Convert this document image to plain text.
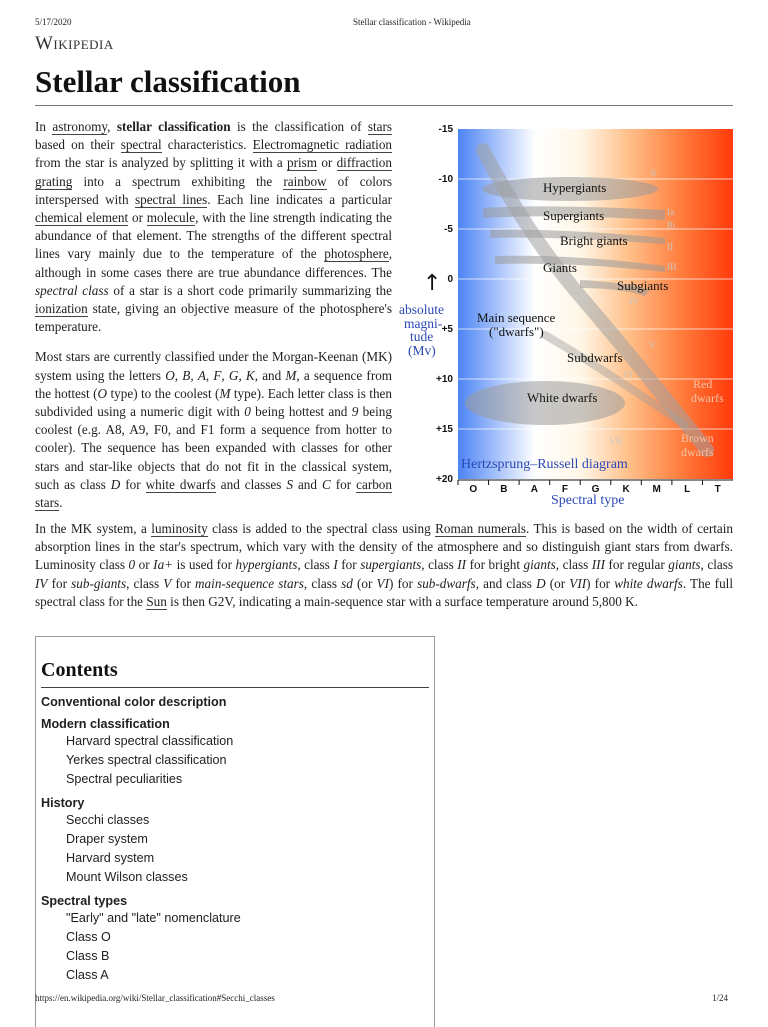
5/17/2020	Stellar classification - Wikipedia
Wikipedia
Stellar classification

In astronomy, stellar classification is the classification of stars based on their spectral characteristics. Electromagnetic radiation from the star is analyzed by splitting it with a prism or diffraction grating into a spectrum exhibiting the rainbow of colors interspersed with spectral lines. Each line indicates a particular chemical element or molecule, with the line strength indicating the abundance of that element. The strengths of the different spectral lines vary mainly due to the temperature of the photosphere, although in some cases there are true abundance differences. The spectral class of a star is a short code primarily summarizing the ionization state, giving an objective measure of the photosphere's temperature.

Most stars are currently classified under the Morgan-Keenan (MK) system using the letters O, B, A, F, G, K, and M, a sequence from the hottest (O type) to the coolest (M type). Each letter class is then subdivided using a numeric digit with 0 being hottest and 9 being coolest (e.g. A8, A9, F0, and F1 form a sequence from hotter to cooler). The sequence has been expanded with classes for other stars and star-like objects that do not fit in the classical system, such as class D for white dwarfs and classes S and C for carbon stars.

-15
-10
-5
0
+5
+10
+15
+20
O B A F G K M L T
Hypergiants
Supergiants
Bright giants
Giants
Subgiants
Main sequence
("dwarfs")
Subdwarfs
White dwarfs
0
Ia
Ib
II
III
IV
V
VI
VII
Red
dwarfs
Brown
dwarfs
Hertzsprung–Russell diagram
↑
absolute
magni-
tude
(Mv)
Spectral type

In the MK system, a luminosity class is added to the spectral class using Roman numerals. This is based on the width of certain absorption lines in the star's spectrum, which vary with the density of the atmosphere and so distinguish giant stars from dwarfs. Luminosity class 0 or Ia+ is used for hypergiants, class I for supergiants, class II for bright giants, class III for regular giants, class IV for sub-giants, class V for main-sequence stars, class sd (or VI) for sub-dwarfs, and class D (or VII) for white dwarfs. The full spectral class for the Sun is then G2V, indicating a main-sequence star with a surface temperature around 5,800 K.

Contents
Conventional color description
Modern classification
Harvard spectral classification
Yerkes spectral classification
Spectral peculiarities
History
Secchi classes
Draper system
Harvard system
Mount Wilson classes
Spectral types
"Early" and "late" nomenclature
Class O
Class B
Class A
https://en.wikipedia.org/wiki/Stellar_classification#Secchi_classes	1/24
